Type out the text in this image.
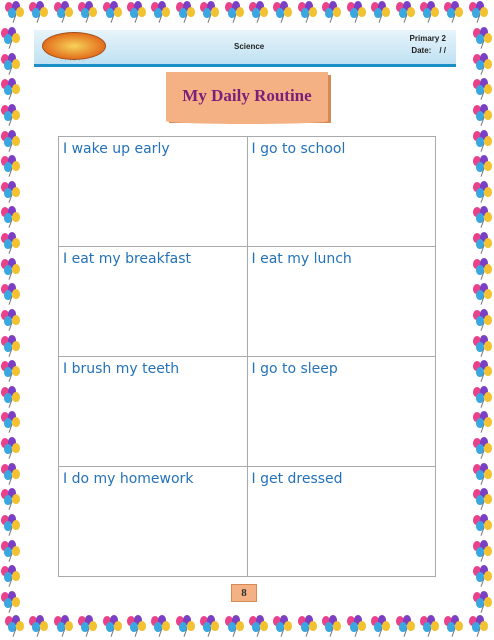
· · · · · ·
Science
Primary 2
Date: / /
My Daily Routine
I wake up early	I go to school
I eat my breakfast	I eat my lunch
I brush my teeth	I go to sleep
I do my homework	I get dressed
8
